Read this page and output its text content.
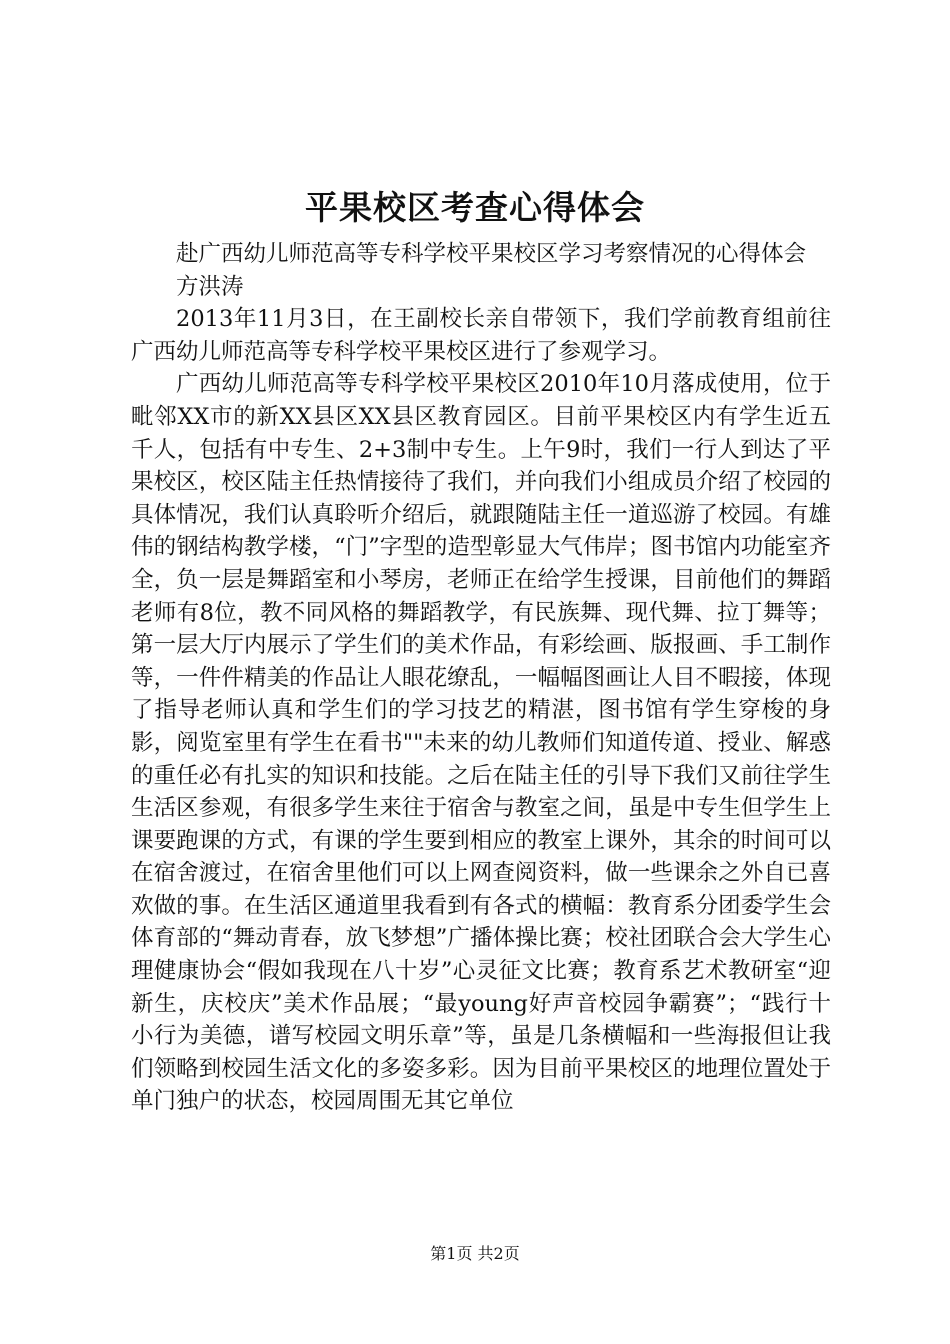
平果校区考查心得体会

赴广西幼儿师范高等专科学校平果校区学习考察情况的心得体会

方洪涛

2013年11月3日，在王副校长亲自带领下，我们学前教育组前往广西幼儿师范高等专科学校平果校区进行了参观学习。

广西幼儿师范高等专科学校平果校区2010年10月落成使用，位于毗邻XX市的新XX县区XX县区教育园区。目前平果校区内有学生近五千人，包括有中专生、2+3制中专生。上午9时，我们一行人到达了平果校区，校区陆主任热情接待了我们，并向我们小组成员介绍了校园的具体情况，我们认真聆听介绍后，就跟随陆主任一道巡游了校园。有雄伟的钢结构教学楼，“门”字型的造型彰显大气伟岸；图书馆内功能室齐全，负一层是舞蹈室和小琴房，老师正在给学生授课，目前他们的舞蹈老师有8位，教不同风格的舞蹈教学，有民族舞、现代舞、拉丁舞等；第一层大厅内展示了学生们的美术作品，有彩绘画、版报画、手工制作等，一件件精美的作品让人眼花缭乱，一幅幅图画让人目不暇接，体现了指导老师认真和学生们的学习技艺的精湛，图书馆有学生穿梭的身影，阅览室里有学生在看书""未来的幼儿教师们知道传道、授业、解惑的重任必有扎实的知识和技能。之后在陆主任的引导下我们又前往学生生活区参观，有很多学生来往于宿舍与教室之间，虽是中专生但学生上课要跑课的方式，有课的学生要到相应的教室上课外，其余的时间可以在宿舍渡过，在宿舍里他们可以上网查阅资料，做一些课余之外自已喜欢做的事。在生活区通道里我看到有各式的横幅：教育系分团委学生会体育部的“舞动青春，放飞梦想”广播体操比赛；校社团联合会大学生心理健康协会“假如我现在八十岁”心灵征文比赛；教育系艺术教研室“迎新生，庆校庆”美术作品展；“最young好声音校园争霸赛”；“践行十小行为美德，谱写校园文明乐章”等，虽是几条横幅和一些海报但让我们领略到校园生活文化的多姿多彩。因为目前平果校区的地理位置处于单门独户的状态，校园周围无其它单位

第1页 共2页
